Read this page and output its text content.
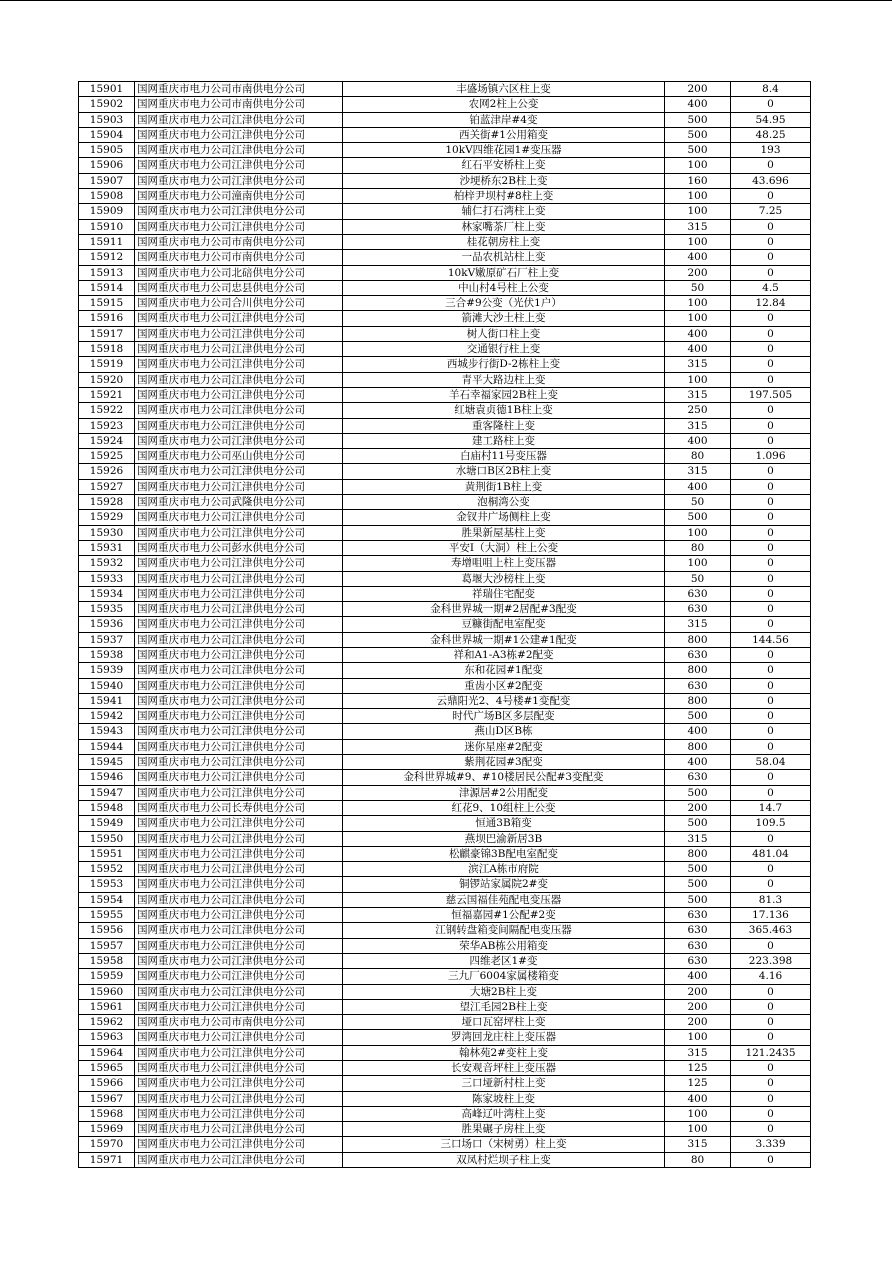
15901	国网重庆市电力公司市南供电分公司	丰盛场镇六区柱上变	200	8.4
15902	国网重庆市电力公司市南供电分公司	农网2柱上公变	400	0
15903	国网重庆市电力公司江津供电分公司	铂蓝津岸#4变	500	54.95
15904	国网重庆市电力公司江津供电分公司	西关街#1公用箱变	500	48.25
15905	国网重庆市电力公司江津供电分公司	10kV四维花园1#变压器	500	193
15906	国网重庆市电力公司江津供电分公司	红石平安桥柱上变	100	0
15907	国网重庆市电力公司江津供电分公司	沙埂桥东2B柱上变	160	43.696
15908	国网重庆市电力公司潼南供电分公司	柏梓尹坝村#8柱上变	100	0
15909	国网重庆市电力公司江津供电分公司	辅仁打石湾柱上变	100	7.25
15910	国网重庆市电力公司江津供电分公司	林家嘴茶厂柱上变	315	0
15911	国网重庆市电力公司市南供电分公司	桂花朝房柱上变	100	0
15912	国网重庆市电力公司市南供电分公司	一品农机站柱上变	400	0
15913	国网重庆市电力公司北碚供电分公司	10kV嫩原矿石厂柱上变	200	0
15914	国网重庆市电力公司忠县供电分公司	中山村4号柱上公变	50	4.5
15915	国网重庆市电力公司合川供电分公司	三合#9公变（光伏1户）	100	12.84
15916	国网重庆市电力公司江津供电分公司	箭滩大沙土柱上变	100	0
15917	国网重庆市电力公司江津供电分公司	树人街口柱上变	400	0
15918	国网重庆市电力公司江津供电分公司	交通银行柱上变	400	0
15919	国网重庆市电力公司江津供电分公司	西城步行街D-2栋柱上变	315	0
15920	国网重庆市电力公司江津供电分公司	青平大路边柱上变	100	0
15921	国网重庆市电力公司江津供电分公司	羊石幸福家园2B柱上变	315	197.505
15922	国网重庆市电力公司江津供电分公司	红塘袁贞德1B柱上变	250	0
15923	国网重庆市电力公司江津供电分公司	重客隆柱上变	315	0
15924	国网重庆市电力公司江津供电分公司	建工路柱上变	400	0
15925	国网重庆市电力公司巫山供电分公司	白庙村11号变压器	80	1.096
15926	国网重庆市电力公司江津供电分公司	水塘口B区2B柱上变	315	0
15927	国网重庆市电力公司江津供电分公司	黄荆街1B柱上变	400	0
15928	国网重庆市电力公司武隆供电分公司	泡桐湾公变	50	0
15929	国网重庆市电力公司江津供电分公司	金钗井广场侧柱上变	500	0
15930	国网重庆市电力公司江津供电分公司	胜果新屋基柱上变	100	0
15931	国网重庆市电力公司彭水供电分公司	平安Ⅰ（大洞）柱上公变	80	0
15932	国网重庆市电力公司江津供电分公司	寿增咀咀上柱上变压器	100	0
15933	国网重庆市电力公司江津供电分公司	葛堰大沙榜柱上变	50	0
15934	国网重庆市电力公司江津供电分公司	祥瑞住宅配变	630	0
15935	国网重庆市电力公司江津供电分公司	金科世界城一期#2居配#3配变	630	0
15936	国网重庆市电力公司江津供电分公司	豆糠街配电室配变	315	0
15937	国网重庆市电力公司江津供电分公司	金科世界城一期#1公建#1配变	800	144.56
15938	国网重庆市电力公司江津供电分公司	祥和A1-A3栋#2配变	630	0
15939	国网重庆市电力公司江津供电分公司	东和花园#1配变	800	0
15940	国网重庆市电力公司江津供电分公司	重齿小区#2配变	630	0
15941	国网重庆市电力公司江津供电分公司	云鼎阳光2、4号楼#1变配变	800	0
15942	国网重庆市电力公司江津供电分公司	时代广场B区多层配变	500	0
15943	国网重庆市电力公司江津供电分公司	燕山D区B栋	400	0
15944	国网重庆市电力公司江津供电分公司	迷你星座#2配变	800	0
15945	国网重庆市电力公司江津供电分公司	紫荆花园#3配变	400	58.04
15946	国网重庆市电力公司江津供电分公司	金科世界城#9、#10楼居民公配#3变配变	630	0
15947	国网重庆市电力公司江津供电分公司	津源居#2公用配变	500	0
15948	国网重庆市电力公司长寿供电分公司	红花9、10组柱上公变	200	14.7
15949	国网重庆市电力公司江津供电分公司	恒通3B箱变	500	109.5
15950	国网重庆市电力公司江津供电分公司	燕坝巴渝新居3B	315	0
15951	国网重庆市电力公司江津供电分公司	松麒豪锦3B配电室配变	800	481.04
15952	国网重庆市电力公司江津供电分公司	滨江A栋市府院	500	0
15953	国网重庆市电力公司江津供电分公司	铜锣站家属院2#变	500	0
15954	国网重庆市电力公司江津供电分公司	慈云国福佳苑配电变压器	500	81.3
15955	国网重庆市电力公司江津供电分公司	恒福嘉园#1公配#2变	630	17.136
15956	国网重庆市电力公司江津供电分公司	江钢转盘箱变间隔配电变压器	630	365.463
15957	国网重庆市电力公司江津供电分公司	荣华AB栋公用箱变	630	0
15958	国网重庆市电力公司江津供电分公司	四维老区1#变	630	223.398
15959	国网重庆市电力公司江津供电分公司	三九厂6004家属楼箱变	400	4.16
15960	国网重庆市电力公司江津供电分公司	大塘2B柱上变	200	0
15961	国网重庆市电力公司江津供电分公司	望江毛园2B柱上变	200	0
15962	国网重庆市电力公司市南供电分公司	垭口瓦窑坪柱上变	200	0
15963	国网重庆市电力公司江津供电分公司	罗湾回龙庄柱上变压器	100	0
15964	国网重庆市电力公司江津供电分公司	翰林苑2#变柱上变	315	121.2435
15965	国网重庆市电力公司江津供电分公司	长安观音坪柱上变压器	125	0
15966	国网重庆市电力公司江津供电分公司	三口垭新村柱上变	125	0
15967	国网重庆市电力公司江津供电分公司	陈家坡柱上变	400	0
15968	国网重庆市电力公司江津供电分公司	高峰辽叶湾柱上变	100	0
15969	国网重庆市电力公司江津供电分公司	胜果碾子房柱上变	100	0
15970	国网重庆市电力公司江津供电分公司	三口场口（宋树勇）柱上变	315	3.339
15971	国网重庆市电力公司江津供电分公司	双凤村烂坝子柱上变	80	0
